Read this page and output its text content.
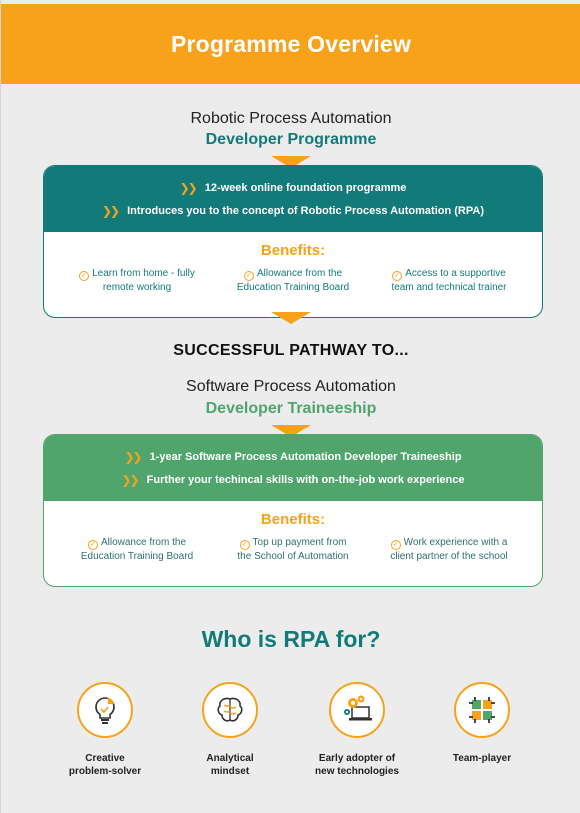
Programme Overview
Robotic Process Automation
Developer Programme
❯❯ 12-week online foundation programme
❯❯ Introduces you to the concept of Robotic Process Automation (RPA)
Benefits:
✓ Learn from home - fully
remote working
✓ Allowance from the
Education Training Board
✓ Access to a supportive
team and technical trainer
SUCCESSFUL PATHWAY TO...
Software Process Automation
Developer Traineeship
❯❯ 1-year Software Process Automation Developer Traineeship
❯❯ Further your techincal skills with on-the-job work experience
Benefits:
✓ Allowance from the
Education Training Board
✓ Top up payment from
the School of Automation
✓ Work experience with a
client partner of the school
Who is RPA for?
Creative
problem-solver
Analytical
mindset
Early adopter of
new technologies
Team-player
